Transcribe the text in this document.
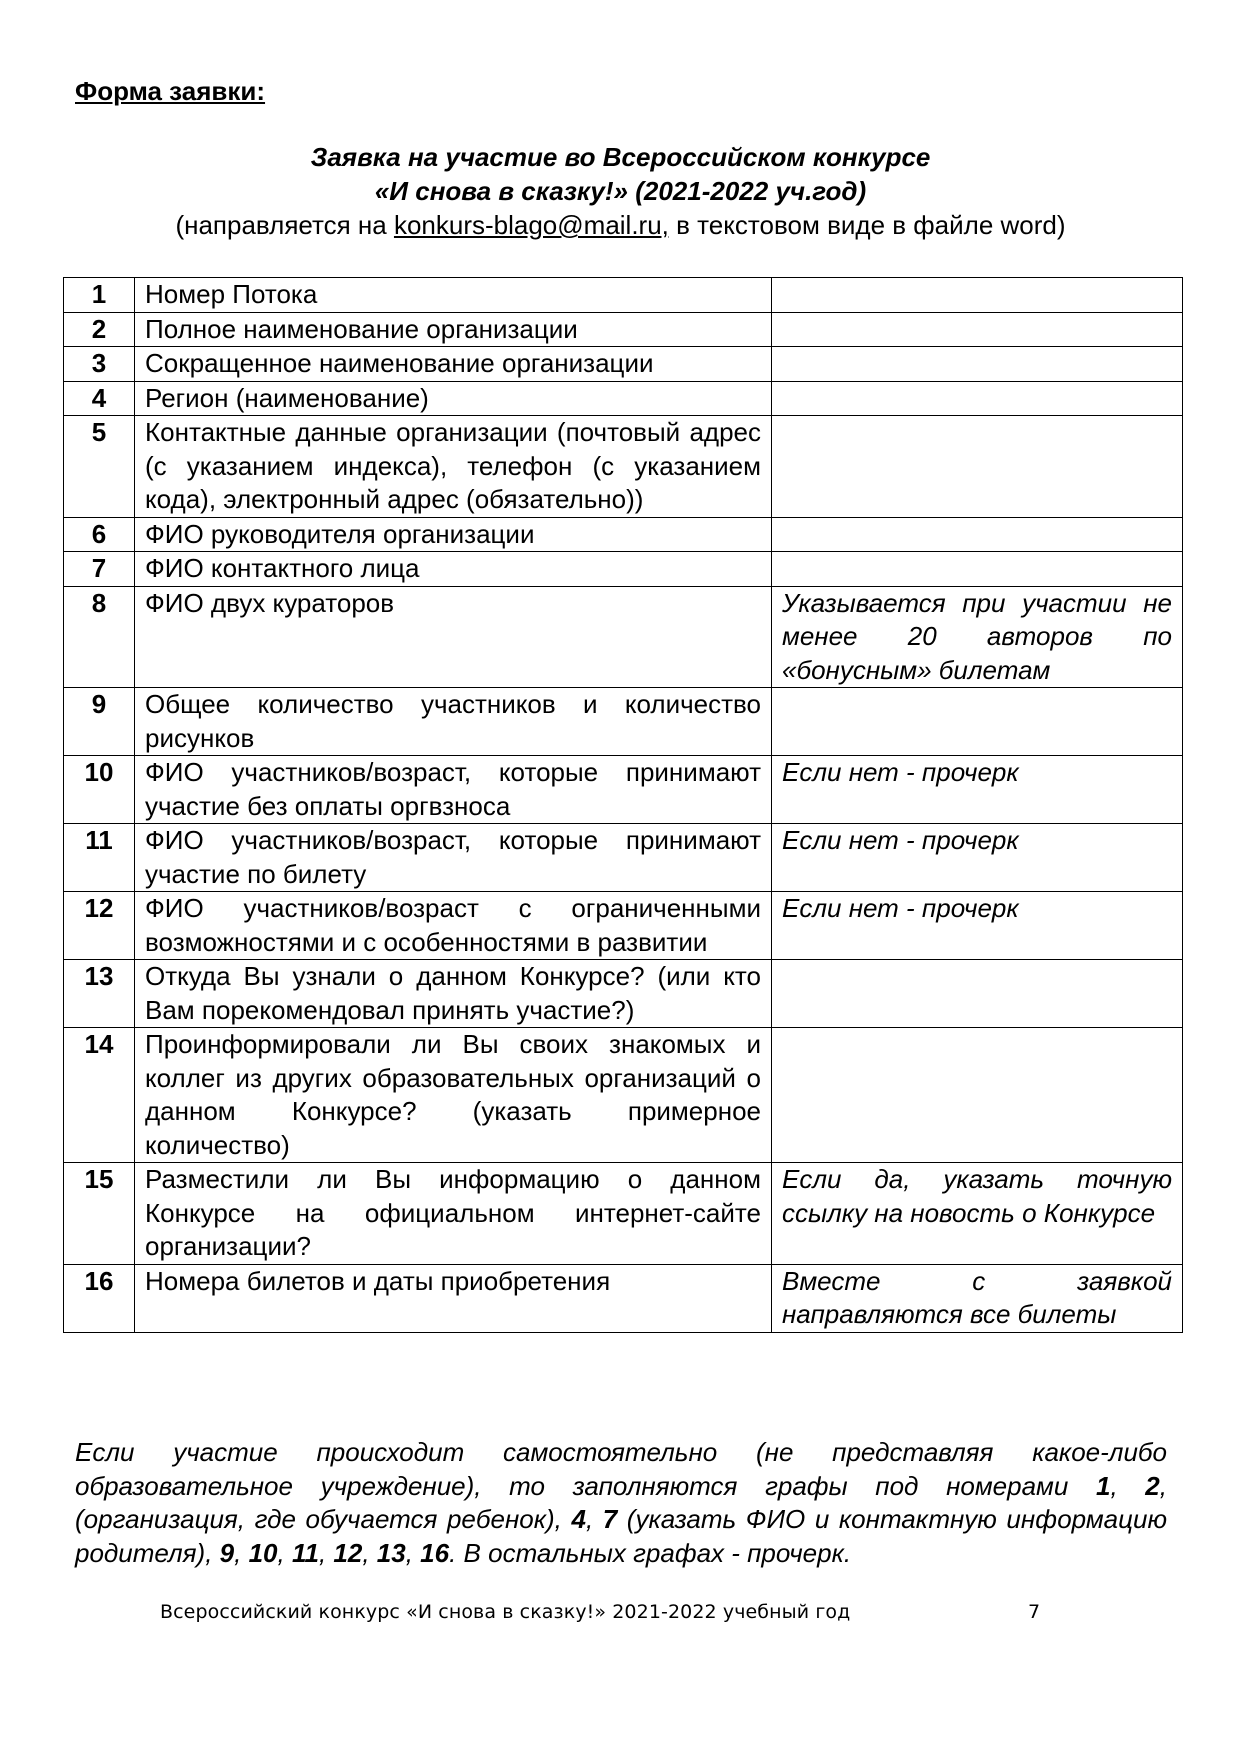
Форма заявки:
Заявка на участие во Всероссийском конкурсе
«И снова в сказку!» (2021-2022 уч.год)
(направляется на konkurs-blago@mail.ru, в текстовом виде в файле word)
1	Номер Потока	
2	Полное наименование организации	
3	Сокращенное наименование организации	
4	Регион (наименование)	
5	Контактные данные организации (почтовый адрес (с указанием индекса), телефон (с указанием кода), электронный адрес (обязательно))	
6	ФИО руководителя организации	
7	ФИО контактного лица	
8	ФИО двух кураторов	Указывается при участии не менее 20 авторов по «бонусным» билетам
9	Общее количество участников и количество рисунков	
10	ФИО участников/возраст, которые принимают участие без оплаты оргвзноса	Если нет - прочерк
11	ФИО участников/возраст, которые принимают участие по билету	Если нет - прочерк
12	ФИО участников/возраст с ограниченными возможностями и с особенностями в развитии	Если нет - прочерк
13	Откуда Вы узнали о данном Конкурсе? (или кто Вам порекомендовал принять участие?)	
14	Проинформировали ли Вы своих знакомых и коллег из других образовательных организаций о данном Конкурсе? (указать примерное количество)	
15	Разместили ли Вы информацию о данном Конкурсе на официальном интернет-сайте организации?	Если да, указать точную ссылку на новость о Конкурсе
16	Номера билетов и даты приобретения	Вместе с заявкой направляются все билеты
Если участие происходит самостоятельно (не представляя какое-либо образовательное учреждение), то заполняются графы под номерами 1, 2, (организация, где обучается ребенок), 4, 7 (указать ФИО и контактную информацию родителя), 9, 10, 11, 12, 13, 16. В остальных графах - прочерк.
Всероссийский конкурс «И снова в сказку!» 2021-2022 учебный год	7
